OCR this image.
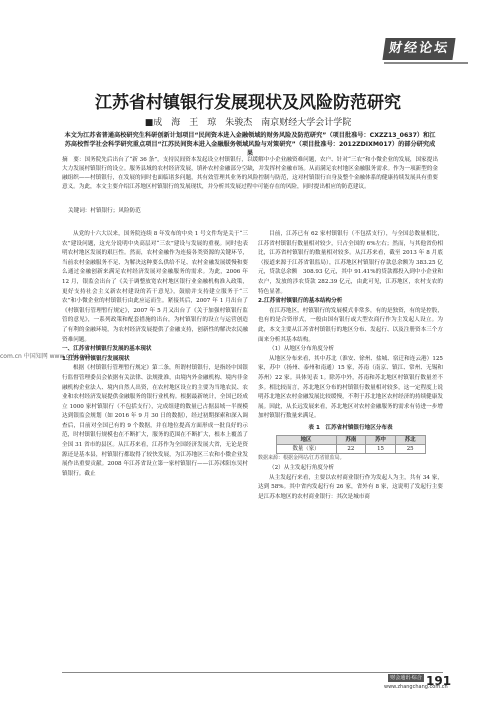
财经论坛
江苏省村镇银行发展现状及风险防范研究
■成　海　王　琼　朱骏杰　南京财经大学会计学院
本文为江苏省普通高校研究生科研创新计划项目“民间资本进入金融领域的财务风险及防范研究”（项目批准号：CXZZ13_0637）和江苏高校哲学社会科学研究重点项目“江苏民间资本进入金融服务领域风险与对策研究”（项目批准号：2012ZDIXM017）的部分研究成果
摘　要：国务院先后出台了“新 36 条”，支持民间资本发起设立村镇银行，以缓解中小企业融资难问题，农户、针对“三农”和小微企业的发展，国家提出大力发展村镇银行的设立。服务县域的农村经济发展，填补农村金融部分空缺，并发挥村金融市场。从而满足农村地区金融服务需求。作为一项新型的金融组织——村镇银行，在发展的同时也面临诸多问题，其有效管理其业务的风险控制与防范，这对村镇银行自身及整个金融体系的健康持续发展具有重要意义。为此，本文主要介绍江苏地区村镇银行的发展现状，并分析其发展过程中可能存在的风险，同时提出相应的防范建议。
关键词：村镇银行；风险防范
com.cn 中国知网 www.cnki.net

从党的十六大以来，国务院连续 8 年发布的中央 1 号文件均是关于“三农”建设问题，这充分说明中央高层对“三农”建设与发展的重视。同时也表明农村地区发展的艰巨性。然而，农村金融作为连接各类资源的关键环节，当前农村金融服务不足、为解决这种要么供给不足、农村金融发展缓慢和要么通过金融创新来满足农村经济发展对金融服务的需求。为此，2006 年 12 月，银监会出台了《关于调整放宽农村地区银行业金融机构准入政策，更好支持社会主义新农村建设的若干意见》，鼓励并支持建立服务于“三农”和小微企业的村镇银行由此应运而生。紧接其后，2007 年 1 月出台了《村镇银行管理暂行规定》，2007 年 5 月又出台了《关于加强村镇银行监管的意见》，一系列政策和配套措施的出台，为村镇银行的设立与运营创造了有利的金融环境，为农村经济发展提供了金融支持，创新性的解决农民融资难问题。

一、江苏省村镇银行发展的基本现状

1.江苏省村镇银行发展现状

根据《村镇银行管理暂行规定》第二条，所谓村镇银行，是指经中国银行监督管理委员会依据有关法律、法规批准，由境内外金融机构、境内非金融机构企业法人、境内自然人出资，在农村地区设立的主要为当地农民、农业和农村经济发展提供金融服务的银行业机构。根据最新统计，全国已经成立 1000 家村镇银行（不包括支行），完成组建的数量已占据县域一半规模达到银监会规划（如 2016 年 9 月 30 日的数据），经过初期探索和深入调查后，目前对全国已有的 9 个数据，并在地位提高方面形成一批良好的示范，时村镇银行规模也在不断扩大，服务的范围在不断扩大，根本上覆盖了全国 31 省市的县区。从江苏来看，江苏作为全国经济发展大省，无论是资源还是基本县，村镇银行都取得了较快发展，为江苏地区三农和小微企业发展作出重要贡献。2008 年江苏省设立第一家村镇银行——江苏沭阳东吴村镇银行。截止

目前，江苏已有 62 家村镇银行（不包括支行），与全国总数量相比，江苏省村镇银行数量相对较少，只占全国的 6%左右；然而，与其他省份相比，江苏省村镇银行的数量相对较多。从江苏来看，截至 2013 年 8 月底（报道来源于江苏省银监局），江苏地区村镇银行存款总余额为 383.25 亿元，贷款总余额　308.93 亿元，其中 91.41%的贷款都投入到中小企业和农户，发放的涉农贷款 282.39 亿元，由此可见，江苏地区，农村支农的特色显著。

2.江苏省村镇银行的基本结构分析

在江苏地区，村镇银行的发展模式非常多，有的是独资，有的是控股，也有的是合资形式，一般由国有银行或大型农商行作为主发起人设立。为此，本文主要从江苏省村镇银行的地区分布、发起行、以及注册资本三个方面来分析其基本结构。

（1）从地区分布角度分析

从地区分布来看，其中苏北（淮安、徐州、盐城、宿迁和连云港）125 家，苏中（扬州、泰州和南通）15 家，苏南（南京、镇江、常州、无锡和苏州）22 家。具体见表 1。除苏中外，苏南和苏北地区村镇银行数量差不多。相比较而言，苏北地区分布的村镇银行数量相对较多，这一定程度上说明苏北地区农村金融发展比较缓慢，不利于苏北地区农村经济的持续健康发展。因此，从长远发展来看，苏北地区对农村金融服务的需求有待进一步增加村镇银行数量来满足。

表 1　江苏省村镇银行地区分布表
地区	苏南	苏中	苏北
数量（家）	22	15	25
数据来源：根据金网站/江苏省银监局。

（2）从主发起行角度分析

从主发起行来看，主要以农村商业银行作为发起人为主，共有 34 家，达到 58%。其中省内发起行有 26 家，省外有 8 家，这说明了发起行主要是江苏本地区的农村商业银行：其次是城市商

财会通讯·综合
www.zhangchang.com.cn
191
